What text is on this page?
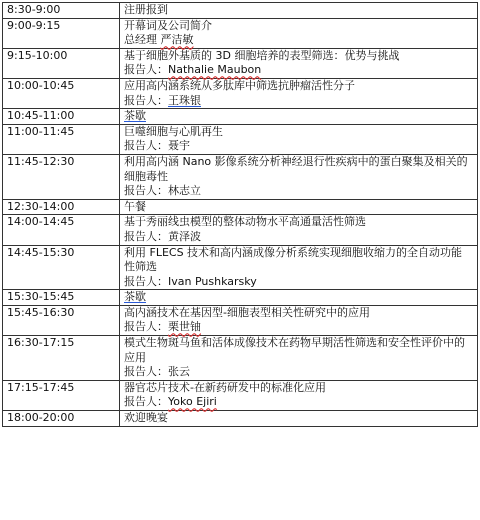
8:30-9:00	注册报到

9:00-9:15	开幕词及公司简介
总经理 严洁敏

9:15-10:00	基于细胞外基质的 3D 细胞培养的表型筛选：优势与挑战
报告人：Nathalie Maubon

10:00-10:45	应用高内涵系统从多肽库中筛选抗肿瘤活性分子
报告人：王珠银

10:45-11:00	茶歇

11:00-11:45	巨噬细胞与心肌再生
报告人：聂宇

11:45-12:30	利用高内涵 Nano 影像系统分析神经退行性疾病中的蛋白聚集及相关的细胞毒性
报告人：林志立

12:30-14:00	午餐

14:00-14:45	基于秀丽线虫模型的整体动物水平高通量活性筛选
报告人：黄泽波

14:45-15:30	利用 FLECS 技术和高内涵成像分析系统实现细胞收缩力的全自动功能性筛选
报告人：Ivan Pushkarsky

15:30-15:45	茶歇

15:45-16:30	高内涵技术在基因型-细胞表型相关性研究中的应用
报告人：栗世铀

16:30-17:15	模式生物斑马鱼和活体成像技术在药物早期活性筛选和安全性评价中的应用
报告人：张云

17:15-17:45	器官芯片技术-在新药研发中的标准化应用
报告人：Yoko Ejiri

18:00-20:00	欢迎晚宴
